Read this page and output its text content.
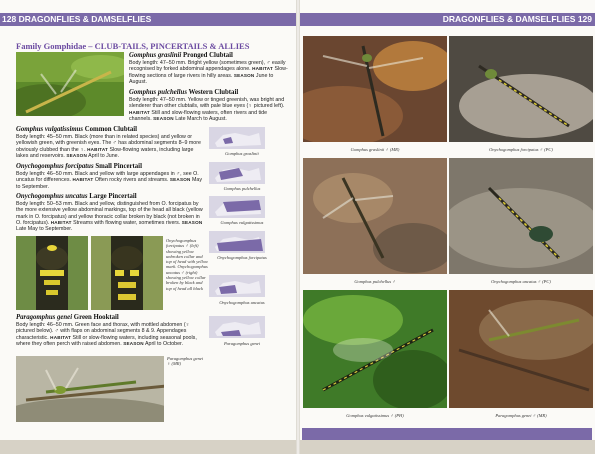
128 DRAGONFLIES & DAMSELFLIES	DRAGONFLIES & DAMSELFLIES 129
Family Gomphidae – CLUB-TAILS, PINCERTAILS & ALLIES
Gomphus graslinii Pronged Clubtail
Body length: 47–50 mm. Bright yellow (sometimes green), ♂ easily recognised by forked abdominal appendages alone. HABITAT Slow-flowing sections of large rivers in hilly areas. SEASON June to August.
Gomphus pulchellus Western Clubtail
Body length: 47–50 mm. Yellow or tinged greenish, was bright and slenderer than other clubtails, with pale blue eyes (♀ pictured left). HABITAT Still and slow-flowing waters, often rivers and tide channels. SEASON Late March to August.
Gomphus vulgatissimus Common Clubtail
Body length: 45–50 mm. Black (more than in related species) and yellow or yellowish green, with greenish eyes. The ♂ has abdominal segments 8–9 more obviously clubbed than the ♀. HABITAT Slow-flowing waters, including large lakes and reservoirs. SEASON April to June.
Onychogomphus forcipatus Small Pincertail
Body length: 46–50 mm. Black and yellow with large appendages in ♂, see O. uncatus for differences. HABITAT Often rocky rivers and streams. SEASON May to September.
Onychogomphus uncatus Large Pincertail
Body length: 50–53 mm. Black and yellow, distinguished from O. forcipatus by the more extensive yellow abdominal markings, top of the head all black (yellow mark in O. forcipatus) and yellow thoracic collar broken by black (not broken in O. forcipatus). HABITAT Streams with flowing water, sometimes rivers. SEASON Late May to September.
Onychogomphus forcipatus ♂ (left) showing yellow unbroken collar and top of head with yellow mark. Onychogomphus uncatus ♂ (right) showing yellow collar broken by black and top of head all black
Paragomphus genei Green Hooktail
Body length: 46–50 mm. Green face and thorax, with mottled abdomen (♀ pictured below). ♂ with flaps on abdominal segments 8 & 9. Appendages characteristic. HABITAT Still or slow-flowing waters, including seasonal pools, where they often perch with raised abdomen. SEASON April to October.
Paragomphus genei ♀ (MR)
Gomphus graslinii
Gomphus pulchellus
Gomphus vulgatissimus
Onychogomphus forcipatus
Onychogomphus uncatus
Paragomphus genei
Gomphus graslinii ♂ (MR)	Onychogomphus forcipatus ♂ (PC)
Gomphus pulchellus ♂	Onychogomphus uncatus ♂ (PC)
Gomphus vulgatissimus ♂ (PH)	Paragomphus genei ♂ (MR)
